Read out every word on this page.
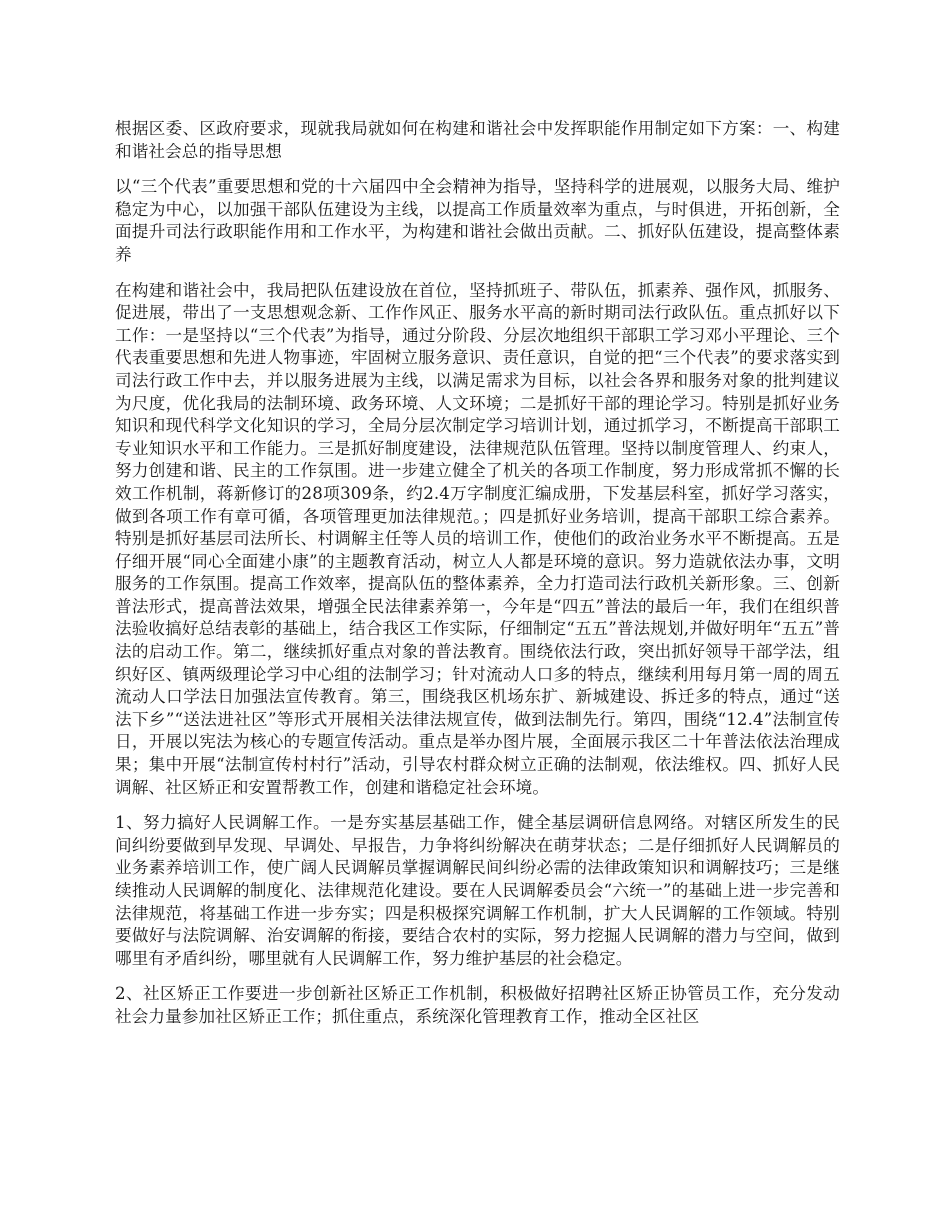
根据区委、区政府要求，现就我局就如何在构建和谐社会中发挥职能作用制定如下方案：一、构建和谐社会总的指导思想

以“三个代表”重要思想和党的十六届四中全会精神为指导，坚持科学的进展观，以服务大局、维护稳定为中心，以加强干部队伍建设为主线，以提高工作质量效率为重点，与时俱进，开拓创新，全面提升司法行政职能作用和工作水平，为构建和谐社会做出贡献。二、抓好队伍建设，提高整体素养

在构建和谐社会中，我局把队伍建设放在首位，坚持抓班子、带队伍，抓素养、强作风，抓服务、促进展，带出了一支思想观念新、工作作风正、服务水平高的新时期司法行政队伍。重点抓好以下工作：一是坚持以“三个代表”为指导，通过分阶段、分层次地组织干部职工学习邓小平理论、三个代表重要思想和先进人物事迹，牢固树立服务意识、责任意识，自觉的把“三个代表”的要求落实到司法行政工作中去，并以服务进展为主线，以满足需求为目标，以社会各界和服务对象的批判建议为尺度，优化我局的法制环境、政务环境、人文环境；二是抓好干部的理论学习。特别是抓好业务知识和现代科学文化知识的学习，全局分层次制定学习培训计划，通过抓学习，不断提高干部职工专业知识水平和工作能力。三是抓好制度建设，法律规范队伍管理。坚持以制度管理人、约束人，努力创建和谐、民主的工作氛围。进一步建立健全了机关的各项工作制度，努力形成常抓不懈的长效工作机制，蒋新修订的28项309条，约2.4万字制度汇编成册，下发基层科室，抓好学习落实，做到各项工作有章可循，各项管理更加法律规范。；四是抓好业务培训，提高干部职工综合素养。特别是抓好基层司法所长、村调解主任等人员的培训工作，使他们的政治业务水平不断提高。五是仔细开展“同心全面建小康”的主题教育活动，树立人人都是环境的意识。努力造就依法办事，文明服务的工作氛围。提高工作效率，提高队伍的整体素养，全力打造司法行政机关新形象。三、创新普法形式，提高普法效果，增强全民法律素养第一，今年是“四五”普法的最后一年，我们在组织普法验收搞好总结表彰的基础上，结合我区工作实际，仔细制定“五五”普法规划,并做好明年“五五”普法的启动工作。第二，继续抓好重点对象的普法教育。围绕依法行政，突出抓好领导干部学法，组织好区、镇两级理论学习中心组的法制学习；针对流动人口多的特点，继续利用每月第一周的周五流动人口学法日加强法宣传教育。第三，围绕我区机场东扩、新城建设、拆迁多的特点，通过“送法下乡”“送法进社区”等形式开展相关法律法规宣传，做到法制先行。第四，围绕“12.4”法制宣传日，开展以宪法为核心的专题宣传活动。重点是举办图片展，全面展示我区二十年普法依法治理成果；集中开展“法制宣传村村行”活动，引导农村群众树立正确的法制观，依法维权。四、抓好人民调解、社区矫正和安置帮教工作，创建和谐稳定社会环境。

1、努力搞好人民调解工作。一是夯实基层基础工作，健全基层调研信息网络。对辖区所发生的民间纠纷要做到早发现、早调处、早报告，力争将纠纷解决在萌芽状态；二是仔细抓好人民调解员的业务素养培训工作，使广阔人民调解员掌握调解民间纠纷必需的法律政策知识和调解技巧；三是继续推动人民调解的制度化、法律规范化建设。要在人民调解委员会“六统一”的基础上进一步完善和法律规范，将基础工作进一步夯实；四是积极探究调解工作机制，扩大人民调解的工作领域。特别要做好与法院调解、治安调解的衔接，要结合农村的实际，努力挖掘人民调解的潜力与空间，做到哪里有矛盾纠纷，哪里就有人民调解工作，努力维护基层的社会稳定。

2、社区矫正工作要进一步创新社区矫正工作机制，积极做好招聘社区矫正协管员工作，充分发动社会力量参加社区矫正工作；抓住重点，系统深化管理教育工作，推动全区社区
